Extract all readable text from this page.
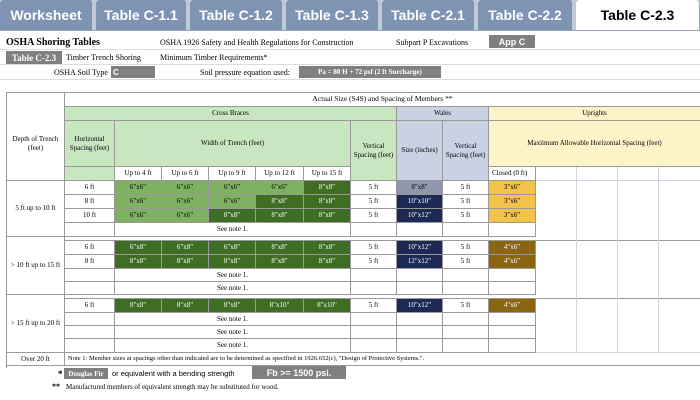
Worksheet	Table C-1.1	Table C-1.2	Table C-1.3	Table C-2.1	Table C-2.2	Table C-2.3
OSHA Shoring Tables	OSHA 1926 Safety and Health Regulations for Construction	Subpart P Excavations	App C
Table C-2.3	Timber Trench Shoring Minimum Timber Requirements*
OSHA Soil Type C	Soil pressure equation used:	Pa = 80 H + 72 psf (2 ft Surcharge)
Actual Size (S4S) and Spacing of Members **
Depth of Trench (feet)
Cross Braces	Wales	Uprights
Horizontal Spacing (feet)
Width of Trench (feet)	Vertical Spacing (feet)
Size (inches)
Vertical Spacing (feet)
Maxiimum Allowable Horizontal Spacing (feet)
Up to 4 ft	Up to 6 ft	Up to 9 ft	Up to 12 ft	Up to 15 ft	Closed (0 ft)
5 ft up to 10 ft
6 ft	6"x6"	6"x6"	6"x6"	6"x6"	8"x8"	5 ft	8"x8"	5 ft	3"x6"
8 ft	6"x6"	6"x6"	6"x6"	8"x8"	8"x8"	5 ft	10"x10"	5 ft	3"x6"
10 ft	6"x6"	6"x6"	8"x8"	8"x8"	8"x8"	5 ft	10"x12"	5 ft	3"x6"
See note 1.
> 10 ft up to 15 ft
6 ft	6"x8"	6"x8"	6"x8"	8"x8"	8"x8"	5 ft	10"x12"	5 ft	4"x6"
8 ft	8"x8"	8"x8"	8"x8"	8"x8"	8"x8"	5 ft	12"x12"	5 ft	4"x6"
See note 1.
See note 1.
> 15 ft up to 20 ft
6 ft	8"x8"	8"x8"	8"x8"	8"x10"	8"x10"	5 ft	10"x12"	5 ft	4"x6"
See note 1.
See note 1.
See note 1.
Over 20 ft	Note 1: Member sizes at spacings other than indicated are to be determined as specified in 1926.652(c), "Design of Protective Systems.".
* Douglas Fir	or equivalent with a bending strength	Fb >= 1500 psi.
** Manufactured members of equivalent strength may be substituted for wood.
